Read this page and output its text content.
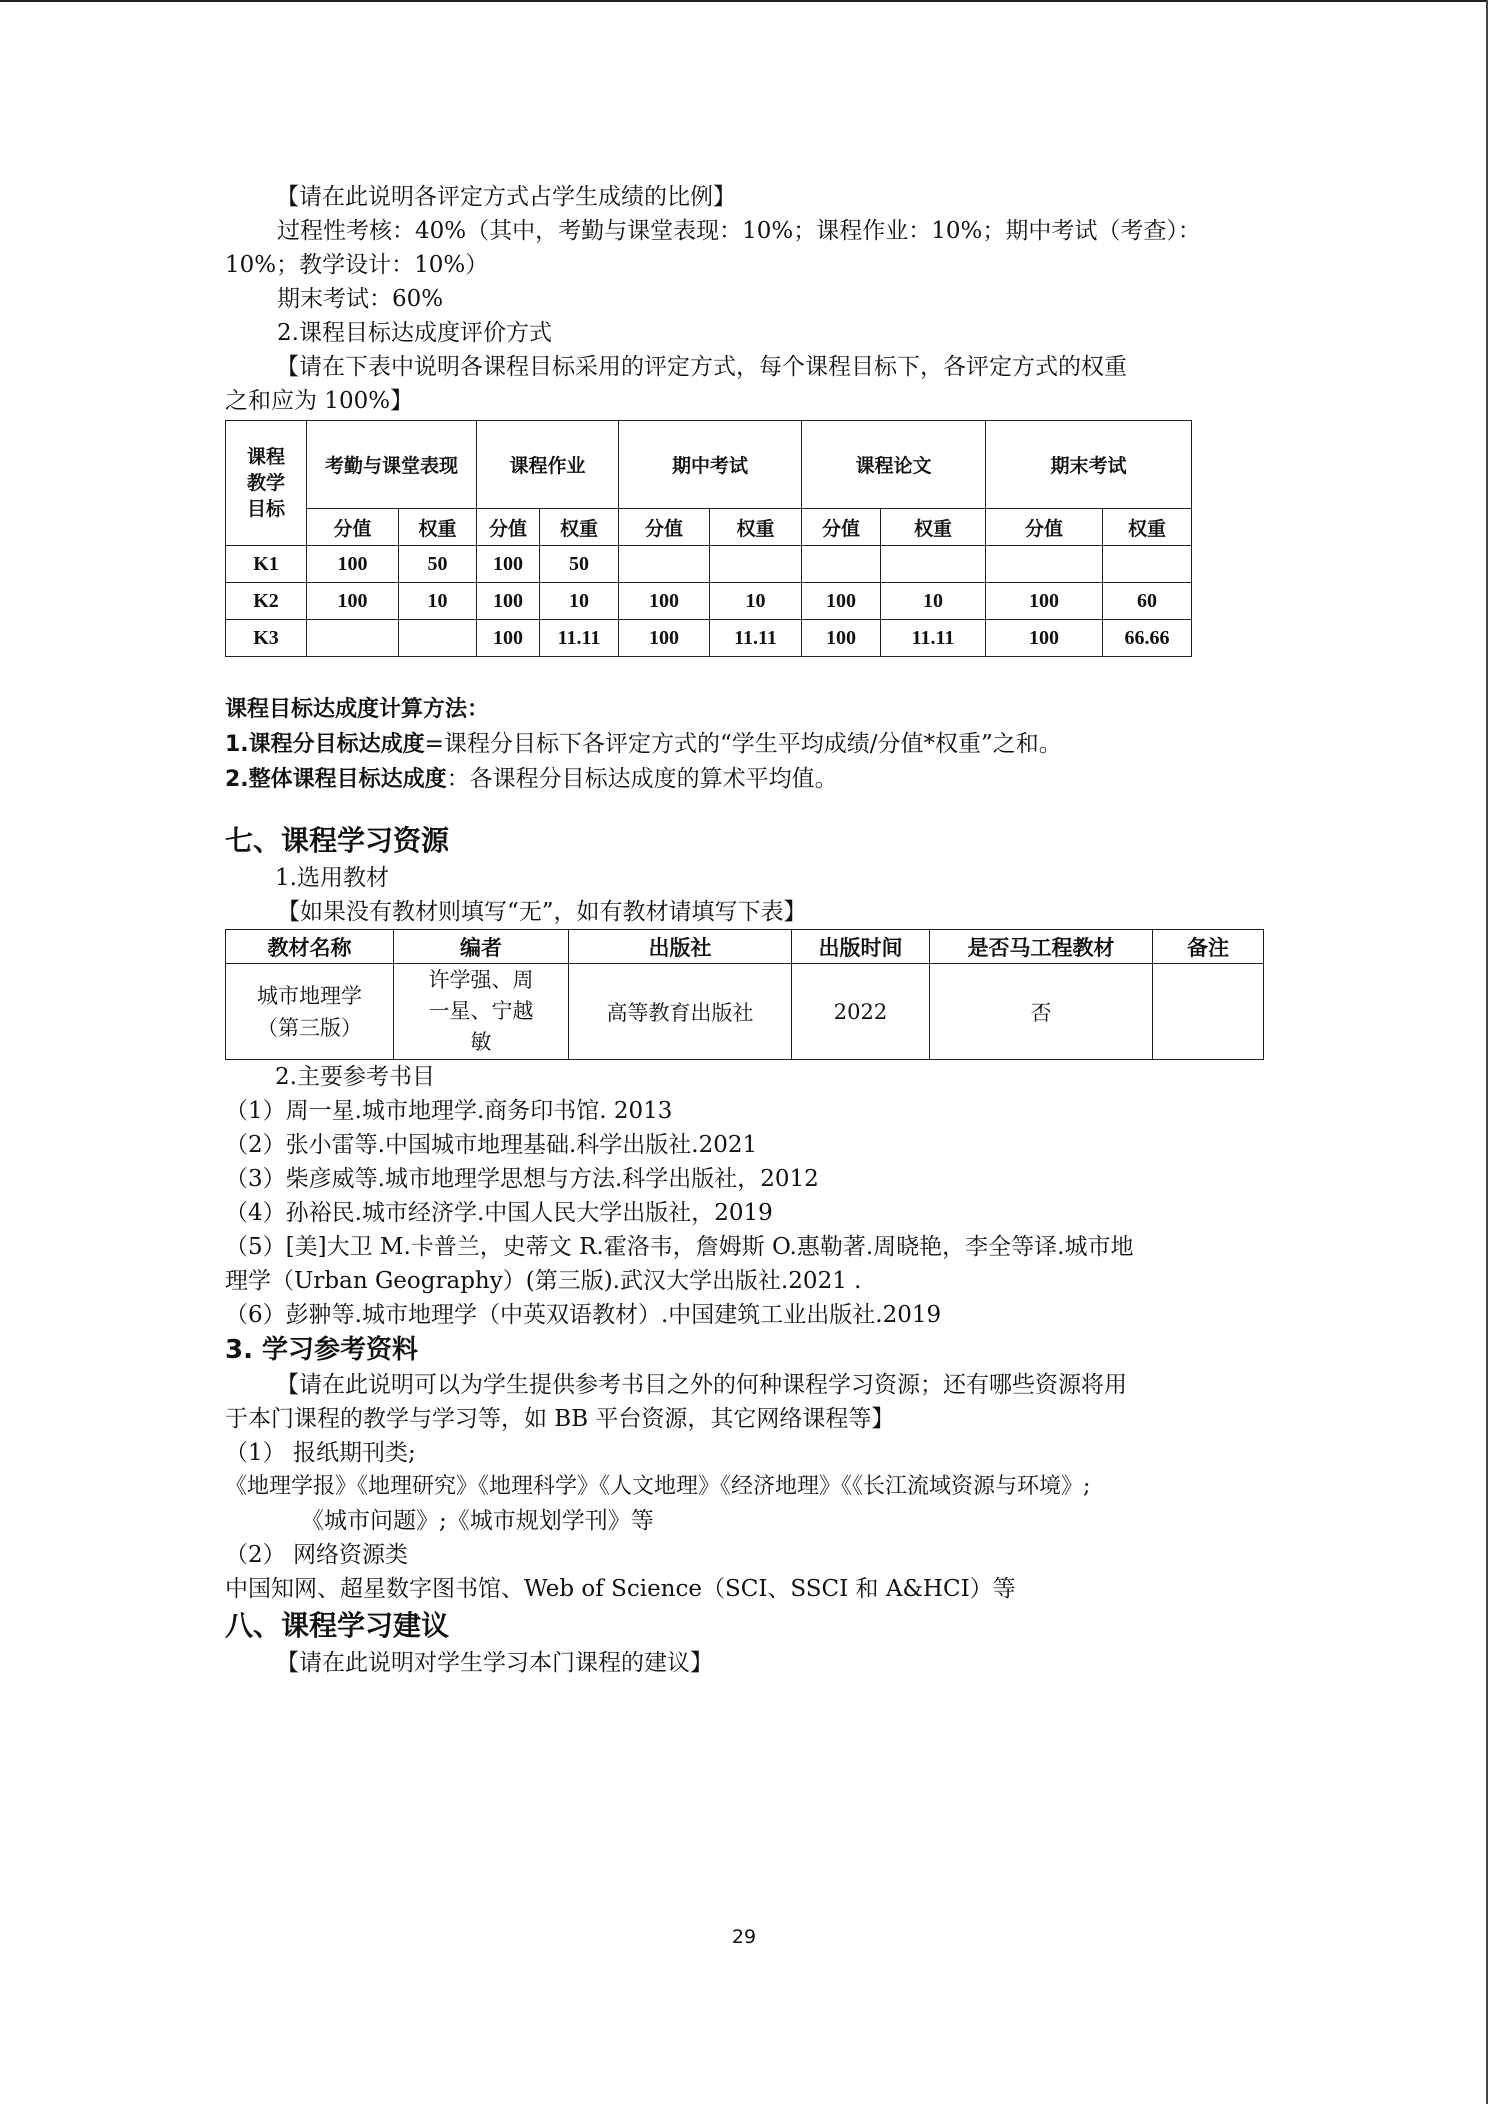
【请在此说明各评定方式占学生成绩的比例】

过程性考核：40%（其中，考勤与课堂表现：10%；课程作业：10%；期中考试（考查）：

10%；教学设计：10%）

期末考试：60%

2.课程目标达成度评价方式

【请在下表中说明各课程目标采用的评定方式，每个课程目标下，各评定方式的权重

之和应为 100%】

课程教学目标	考勤与课堂表现		课程作业		期中考试		课程论文		期末考试	
	分值	权重	分值	权重	分值	权重	分值	权重	分值	权重
K1	100	50	100	50						
K2	100	10	100	10	100	10	100	10	100	60
K3			100	11.11	100	11.11	100	11.11	100	66.66

课程目标达成度计算方法：

1.课程分目标达成度=课程分目标下各评定方式的“学生平均成绩/分值*权重”之和。

2.整体课程目标达成度：各课程分目标达成度的算术平均值。

七、课程学习资源

1.选用教材

【如果没有教材则填写“无”，如有教材请填写下表】

教材名称	编者	出版社	出版时间	是否马工程教材	备注
城市地理学（第三版）	许学强、周一星、宁越敏	高等教育出版社	2022	否	

2.主要参考书目

（1）周一星.城市地理学.商务印书馆. 2013

（2）张小雷等.中国城市地理基础.科学出版社.2021

（3）柴彦威等.城市地理学思想与方法.科学出版社，2012

（4）孙裕民.城市经济学.中国人民大学出版社，2019

（5）[美]大卫 M.卡普兰，史蒂文 R.霍洛韦，詹姆斯 O.惠勒著.周晓艳，李全等译.城市地

理学（Urban Geography）(第三版).武汉大学出版社.2021 .

（6）彭翀等.城市地理学（中英双语教材）.中国建筑工业出版社.2019

3. 学习参考资料

【请在此说明可以为学生提供参考书目之外的何种课程学习资源；还有哪些资源将用

于本门课程的教学与学习等，如 BB 平台资源，其它网络课程等】

（1） 报纸期刊类;

《地理学报》《地理研究》《地理科学》《人文地理》《经济地理》《《长江流域资源与环境》;

《城市问题》;《城市规划学刊》等

（2） 网络资源类

中国知网、超星数字图书馆、Web of Science（SCI、SSCI 和 A&HCI）等

八、课程学习建议

【请在此说明对学生学习本门课程的建议】

29
